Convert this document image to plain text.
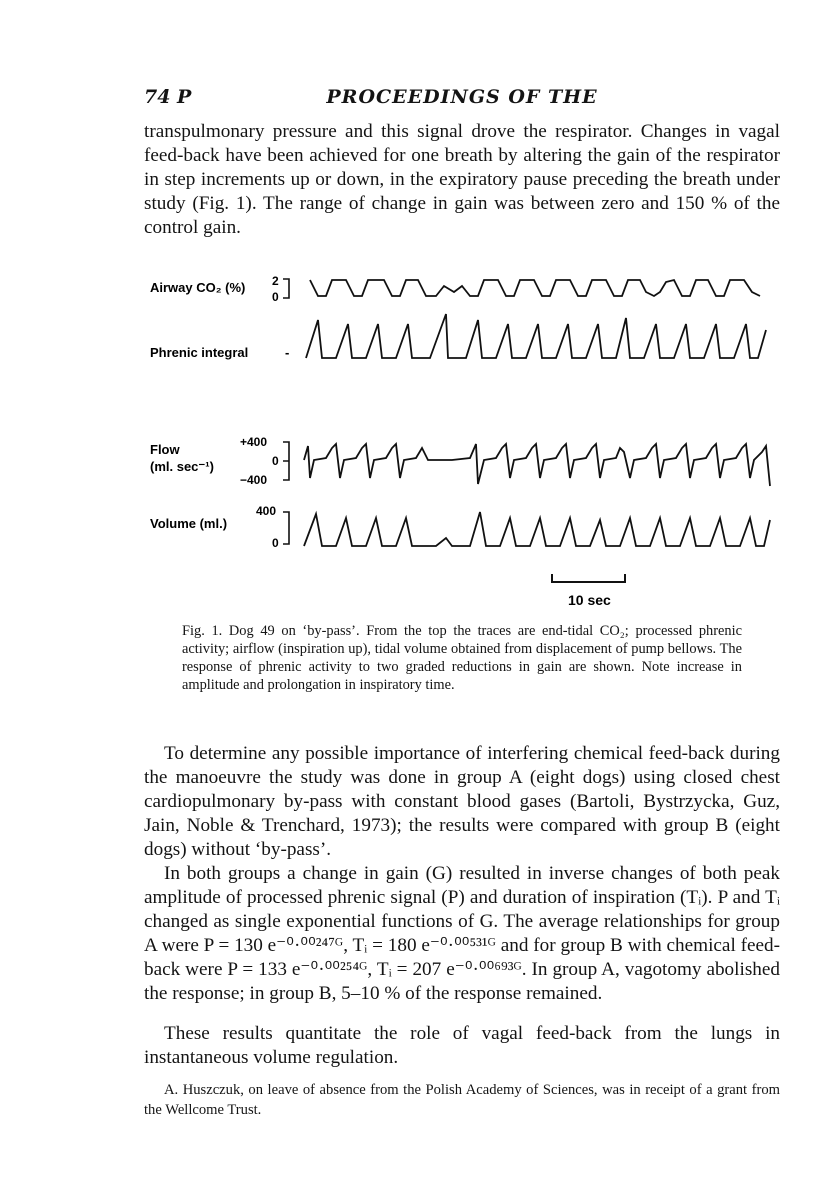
74 P	PROCEEDINGS OF THE

transpulmonary pressure and this signal drove the respirator. Changes in vagal feed-back have been achieved for one breath by altering the gain of the respirator in step increments up or down, in the expiratory pause preceding the breath under study (Fig. 1). The range of change in gain was between zero and 150 % of the control gain.

Airway CO₂ (%) 2
0
Phrenic integral	-
Flow
(ml. sec⁻¹)
+400
0
−400
400
Volume (ml.)
0
10 sec

Fig. 1. Dog 49 on ‘by-pass’. From the top the traces are end-tidal CO₂; processed phrenic activity; airflow (inspiration up), tidal volume obtained from displacement of pump bellows. The response of phrenic activity to two graded reductions in gain are shown. Note increase in amplitude and prolongation in inspiratory time.

To determine any possible importance of interfering chemical feed-back during the manoeuvre the study was done in group A (eight dogs) using closed chest cardiopulmonary by-pass with constant blood gases (Bartoli, Bystrzycka, Guz, Jain, Noble & Trenchard, 1973); the results were compared with group B (eight dogs) without ‘by-pass’.

In both groups a change in gain (G) resulted in inverse changes of both peak amplitude of processed phrenic signal (P) and duration of inspiration (Tᵢ). P and Tᵢ changed as single exponential functions of G. The average relationships for group A were P = 130 e⁻⁰·⁰⁰²⁴⁷ᴳ, Tᵢ = 180 e⁻⁰·⁰⁰⁵³¹ᴳ and for group B with chemical feed-back were P = 133 e⁻⁰·⁰⁰²⁵⁴ᴳ, Tᵢ = 207 e⁻⁰·⁰⁰⁶⁹³ᴳ. In group A, vagotomy abolished the response; in group B, 5–10 % of the response remained.

These results quantitate the role of vagal feed-back from the lungs in instantaneous volume regulation.

A. Huszczuk, on leave of absence from the Polish Academy of Sciences, was in receipt of a grant from the Wellcome Trust.
